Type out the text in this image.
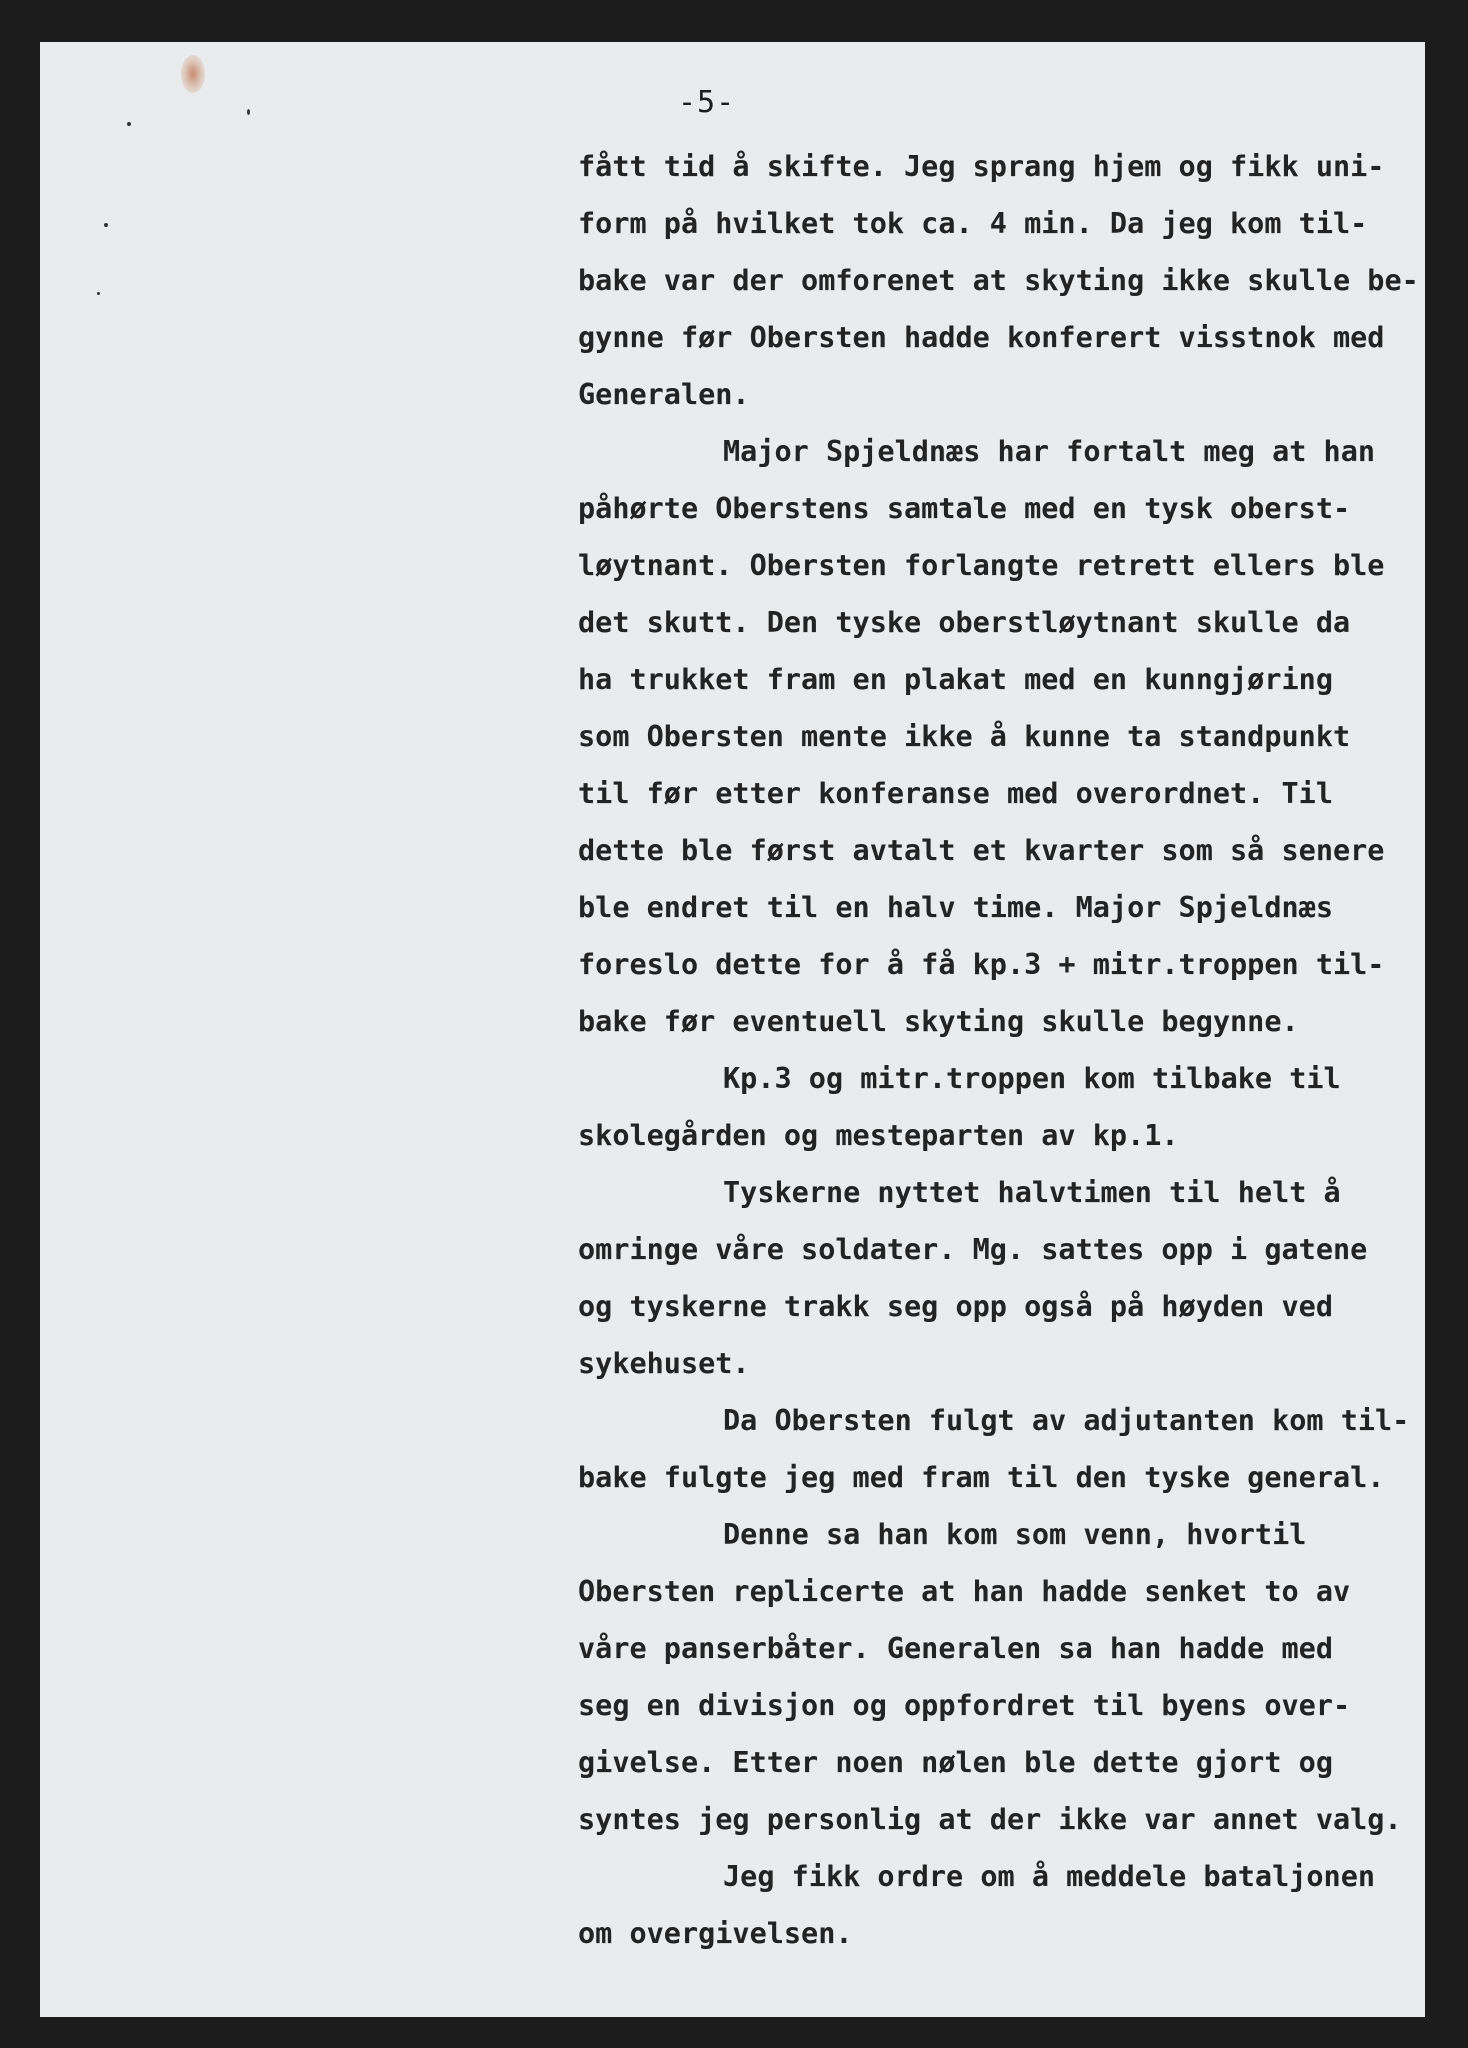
-5-

fått tid å skifte. Jeg sprang hjem og fikk uni-
form på hvilket tok ca. 4 min. Da jeg kom til-
bake var der omforenet at skyting ikke skulle be-
gynne før Obersten hadde konferert visstnok med
Generalen.
Major Spjeldnæs har fortalt meg at han
påhørte Oberstens samtale med en tysk oberst-
løytnant. Obersten forlangte retrett ellers ble
det skutt. Den tyske oberstløytnant skulle da
ha trukket fram en plakat med en kunngjøring
som Obersten mente ikke å kunne ta standpunkt
til før etter konferanse med overordnet. Til
dette ble først avtalt et kvarter som så senere
ble endret til en halv time. Major Spjeldnæs
foreslo dette for å få kp.3 + mitr.troppen til-
bake før eventuell skyting skulle begynne.
Kp.3 og mitr.troppen kom tilbake til
skolegården og mesteparten av kp.1.
Tyskerne nyttet halvtimen til helt å
omringe våre soldater. Mg. sattes opp i gatene
og tyskerne trakk seg opp også på høyden ved
sykehuset.
Da Obersten fulgt av adjutanten kom til-
bake fulgte jeg med fram til den tyske general.
Denne sa han kom som venn, hvortil
Obersten replicerte at han hadde senket to av
våre panserbåter. Generalen sa han hadde med
seg en divisjon og oppfordret til byens over-
givelse. Etter noen nølen ble dette gjort og
syntes jeg personlig at der ikke var annet valg.
Jeg fikk ordre om å meddele bataljonen
om overgivelsen.
